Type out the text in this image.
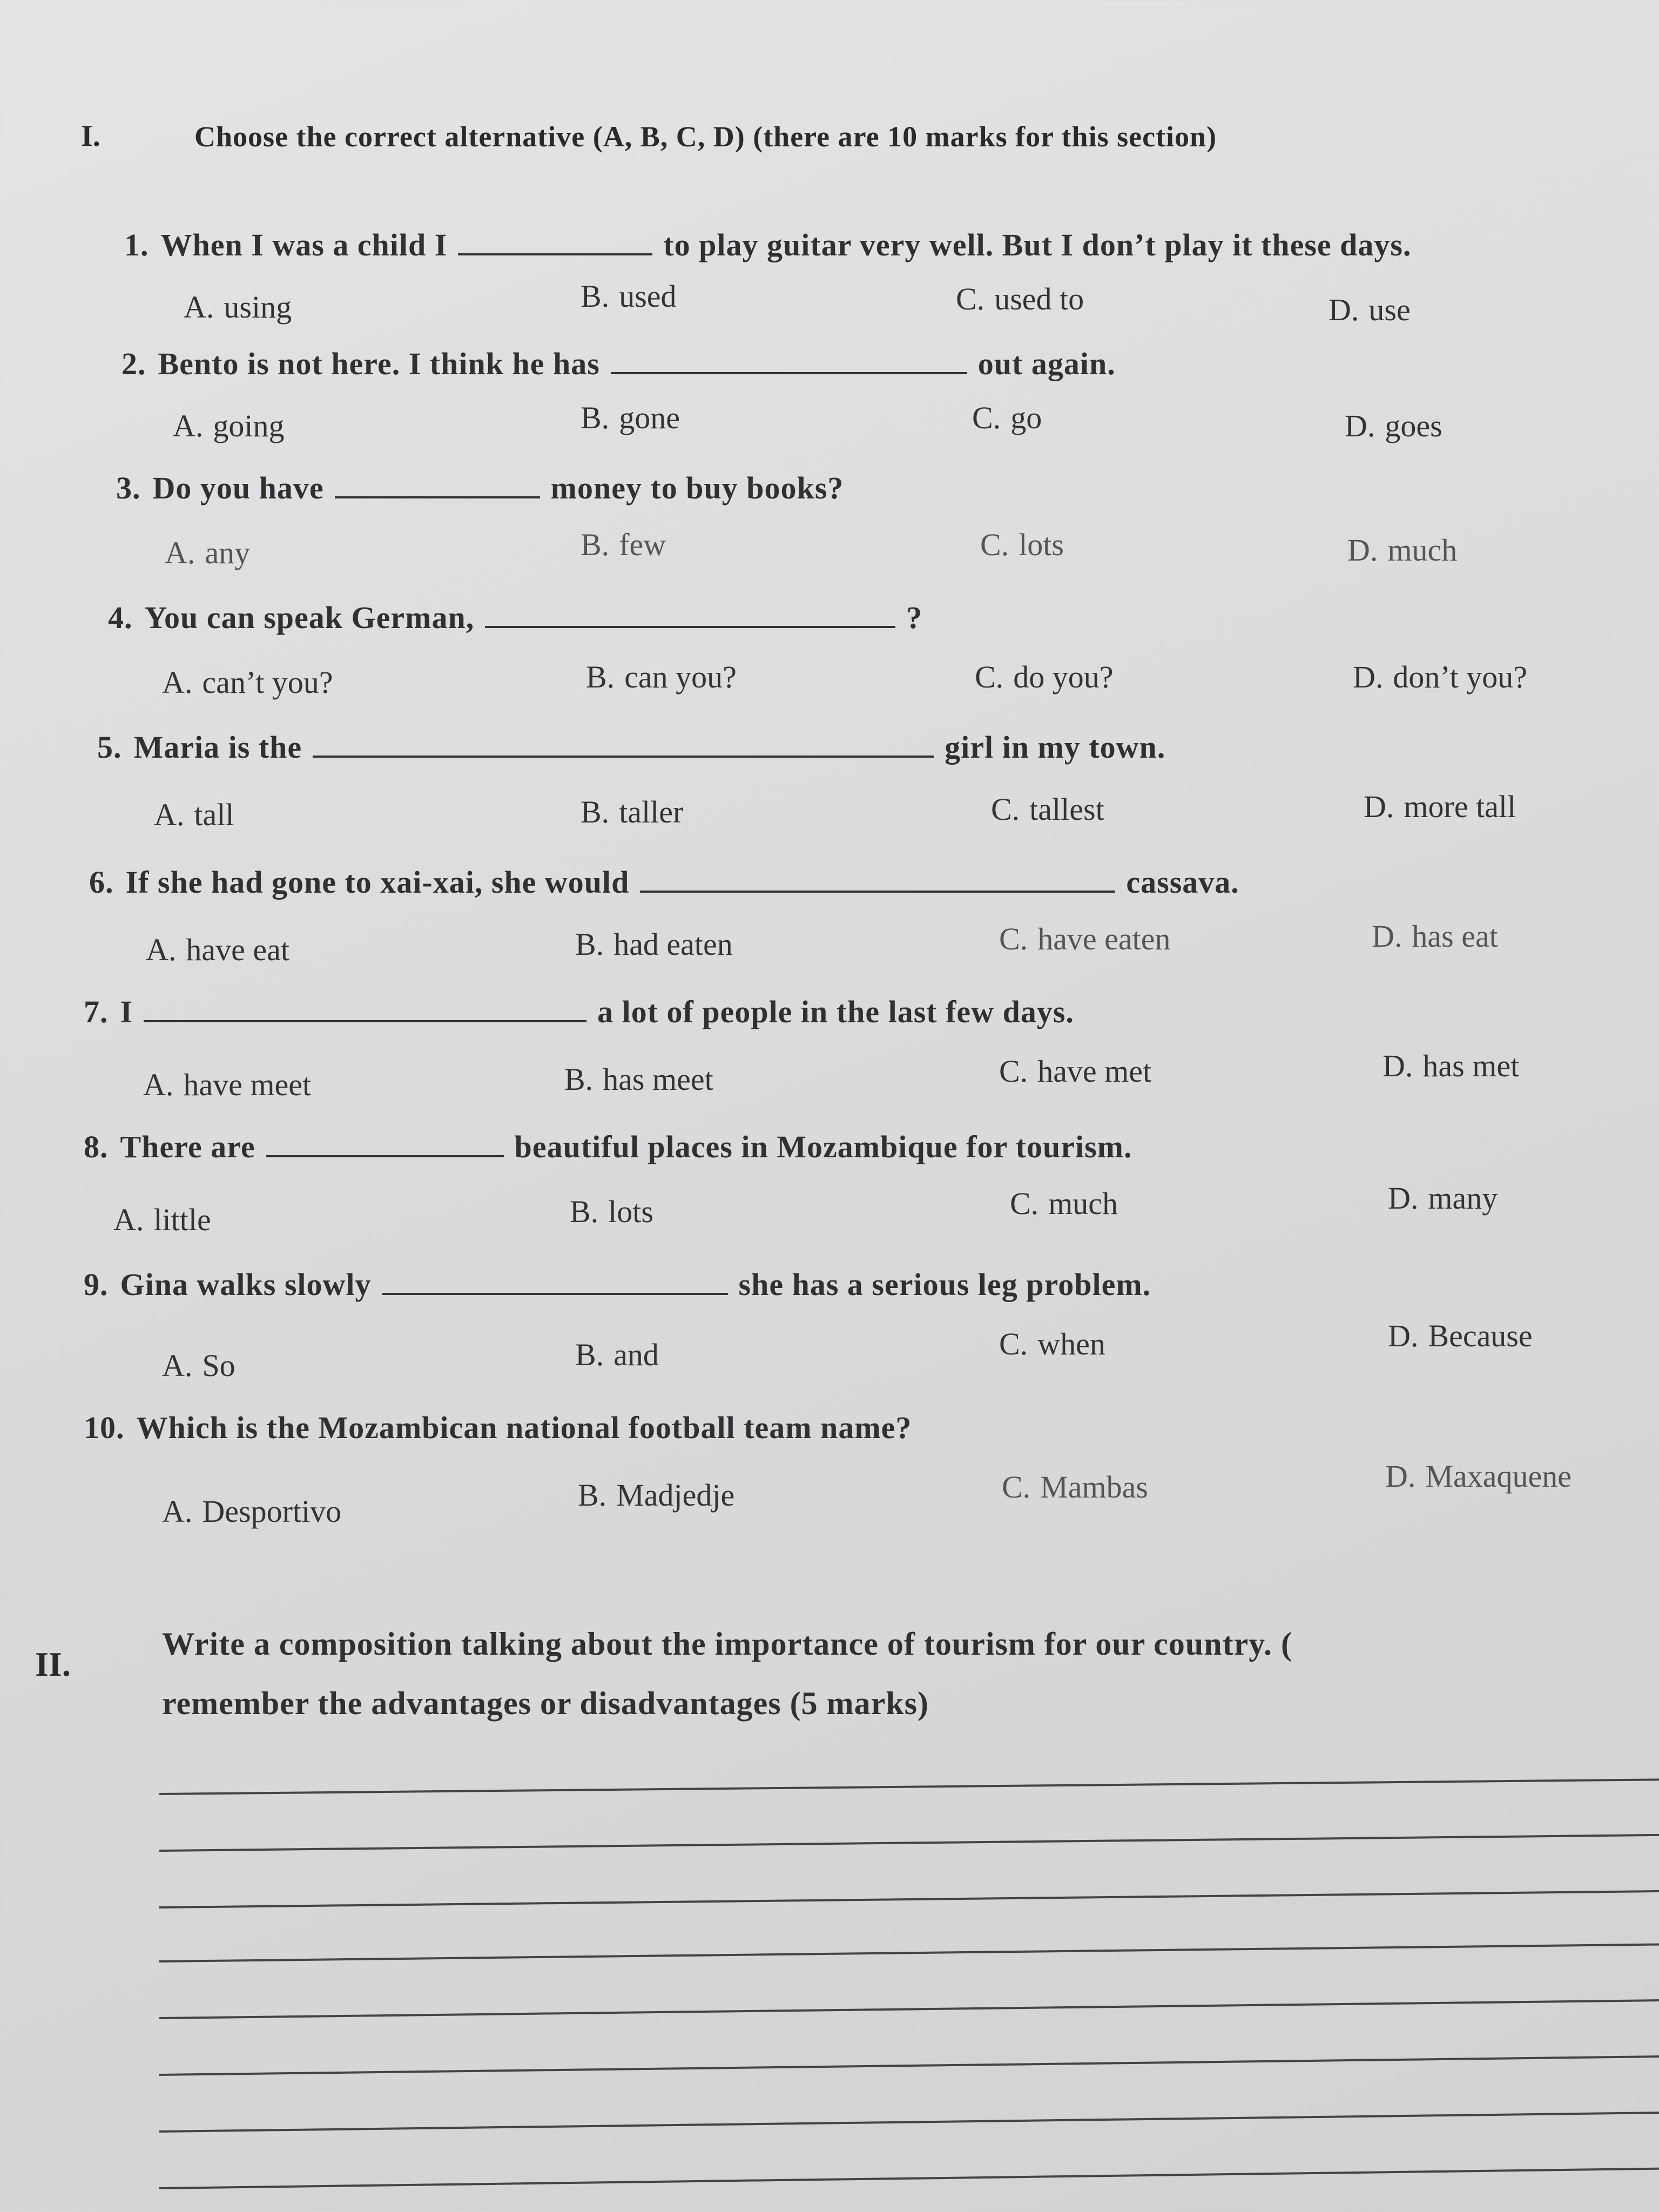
I.	Choose the correct alternative (A, B, C, D) (there are 10 marks for this section)
1. When I was a child I	to play guitar very well. But I don’t play it these days.
A. using	B. used	C. used to	D. use
2. Bento is not here. I think he has	out again.
A. going	B. gone	C. go	D. goes
3. Do you have	money to buy books?
A. any	B. few	C. lots	D. much
4. You can speak German,	?
A. can’t you?	B. can you?	C. do you?	D. don’t you?
5. Maria is the	girl in my town.
A. tall	B. taller	C. tallest	D. more tall
6. If she had gone to xai-xai, she would	cassava.
A. have eat	B. had eaten	C. have eaten	D. has eat
7. I	a lot of people in the last few days.
A. have meet	B. has meet	C. have met	D. has met
8. There are	beautiful places in Mozambique for tourism.
A. little	B. lots	C. much	D. many
9. Gina walks slowly	she has a serious leg problem.
A. So	B. and	C. when	D. Because
10. Which is the Mozambican national football team name?
A. Desportivo	B. Madjedje	C. Mambas	D. Maxaquene
II.
Write a composition talking about the importance of tourism for our country. (
remember the advantages or disadvantages (5 marks)
